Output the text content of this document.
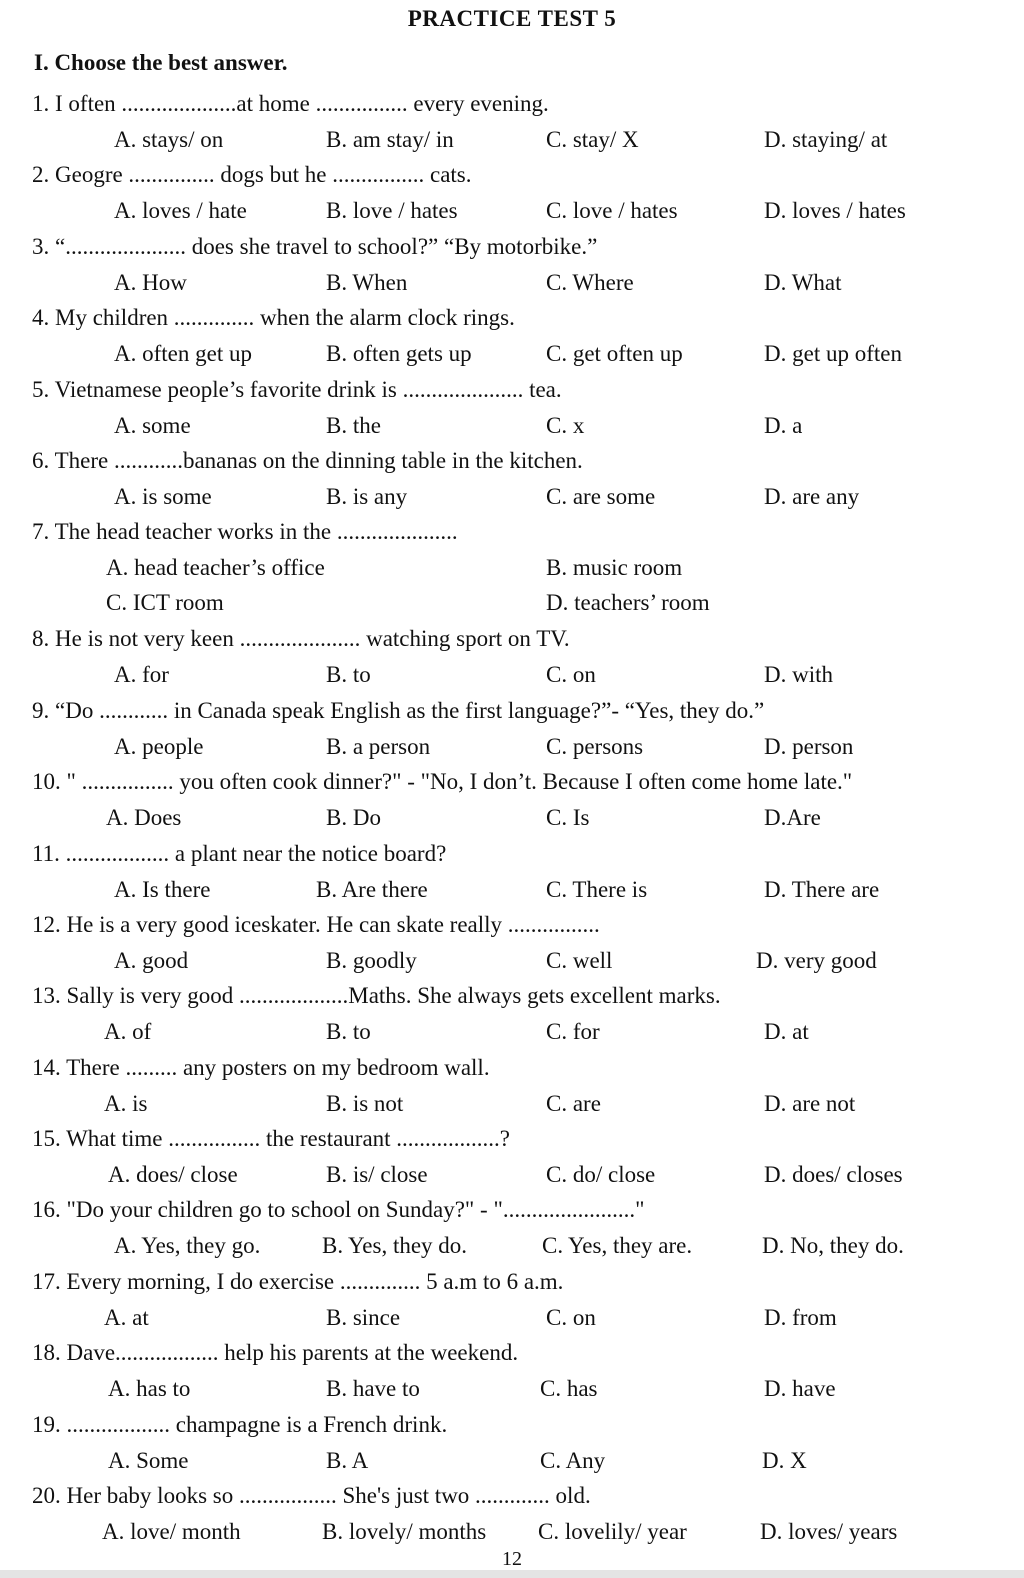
PRACTICE TEST 5
I. Choose the best answer.
1. I often ....................at home ................ every evening.
A. stays/ on	B. am stay/ in	C. stay/ X	D. staying/ at
2. Geogre ............... dogs but he ................ cats.
A. loves / hate	B. love / hates	C. love / hates	D. loves / hates
3. “..................... does she travel to school?” “By motorbike.”
A. How	B. When	C. Where	D. What
4. My children .............. when the alarm clock rings.
A. often get up	B. often gets up	C. get often up	D. get up often
5. Vietnamese people’s favorite drink is ..................... tea.
A. some	B. the	C. x	D. a
6. There ............bananas on the dinning table in the kitchen.
A. is some	B. is any	C. are some	D. are any
7. The head teacher works in the .....................
A. head teacher’s office	B. music room
C. ICT room	D. teachers’ room
8. He is not very keen ..................... watching sport on TV.
A. for	B. to	C. on	D. with
9. “Do ............ in Canada speak English as the first language?”- “Yes, they do.”
A. people	B. a person	C. persons	D. person
10. " ................ you often cook dinner?" - "No, I don’t. Because I often come home late."
A. Does	B. Do	C. Is	D.Are
11. .................. a plant near the notice board?
A. Is there	B. Are there	C. There is	D. There are
12. He is a very good iceskater. He can skate really ................
A. good	B. goodly	C. well	D. very good
13. Sally is very good ...................Maths. She always gets excellent marks.
A. of	B. to	C. for	D. at
14. There ......... any posters on my bedroom wall.
A. is	B. is not	C. are	D. are not
15. What time ................ the restaurant ..................?
A. does/ close	B. is/ close	C. do/ close	D. does/ closes
16. "Do your children go to school on Sunday?" - "......................."
A. Yes, they go.	B. Yes, they do.	C. Yes, they are.	D. No, they do.
17. Every morning, I do exercise .............. 5 a.m to 6 a.m.
A. at	B. since	C. on	D. from
18. Dave.................. help his parents at the weekend.
A. has to	B. have to	C. has	D. have
19. .................. champagne is a French drink.
A. Some	B. A	C. Any	D. X
20. Her baby looks so ................. She's just two ............. old.
A. love/ month	B. lovely/ months C. lovelily/ year	D. loves/ years
12
